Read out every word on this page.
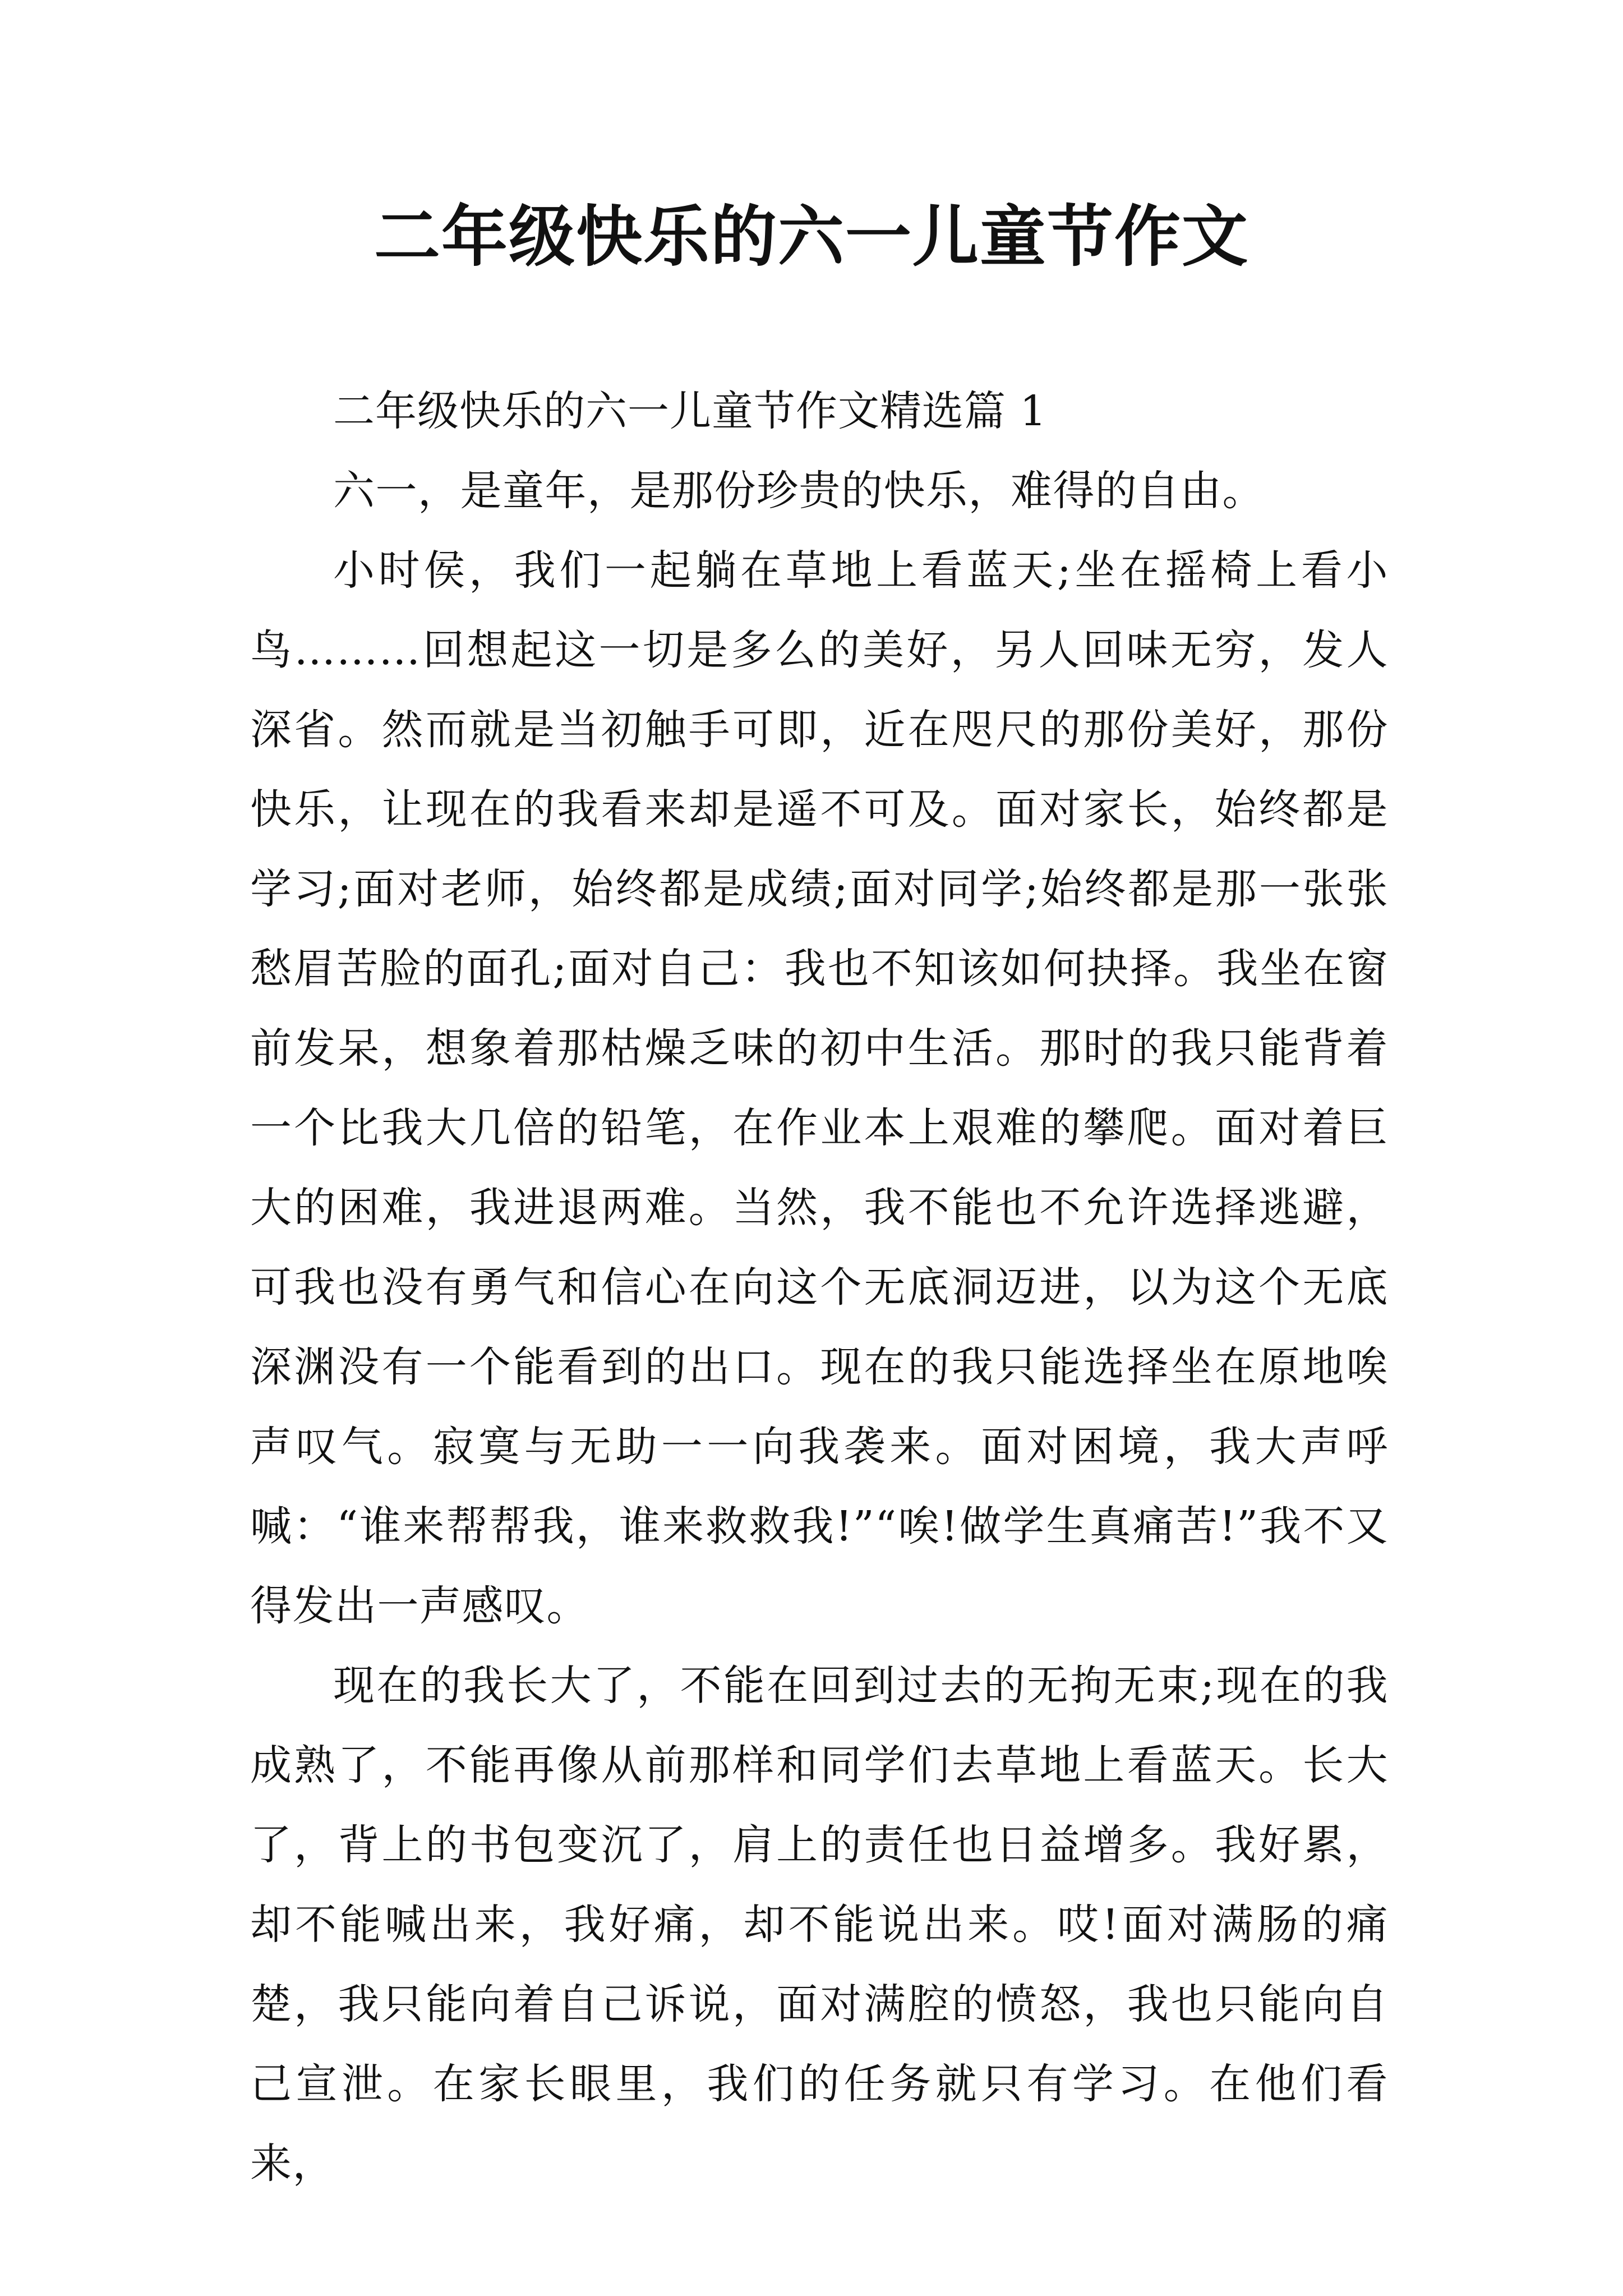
二年级快乐的六一儿童节作文

二年级快乐的六一儿童节作文精选篇 1

六一，是童年，是那份珍贵的快乐，难得的自由。

小时侯，我们一起躺在草地上看蓝天;坐在摇椅上看小鸟………回想起这一切是多么的美好，另人回味无穷，发人深省。然而就是当初触手可即，近在咫尺的那份美好，那份快乐，让现在的我看来却是遥不可及。面对家长，始终都是学习;面对老师，始终都是成绩;面对同学;始终都是那一张张愁眉苦脸的面孔;面对自己：我也不知该如何抉择。我坐在窗前发呆，想象着那枯燥乏味的初中生活。那时的我只能背着一个比我大几倍的铅笔，在作业本上艰难的攀爬。面对着巨大的困难，我进退两难。当然，我不能也不允许选择逃避，可我也没有勇气和信心在向这个无底洞迈进，以为这个无底深渊没有一个能看到的出口。现在的我只能选择坐在原地唉声叹气。寂寞与无助一一向我袭来。面对困境，我大声呼喊：“谁来帮帮我，谁来救救我!”“唉!做学生真痛苦!”我不又得发出一声感叹。

现在的我长大了，不能在回到过去的无拘无束;现在的我成熟了，不能再像从前那样和同学们去草地上看蓝天。长大了，背上的书包变沉了，肩上的责任也日益增多。我好累，却不能喊出来，我好痛，却不能说出来。哎!面对满肠的痛楚，我只能向着自己诉说，面对满腔的愤怒，我也只能向自己宣泄。在家长眼里，我们的任务就只有学习。在他们看来，
